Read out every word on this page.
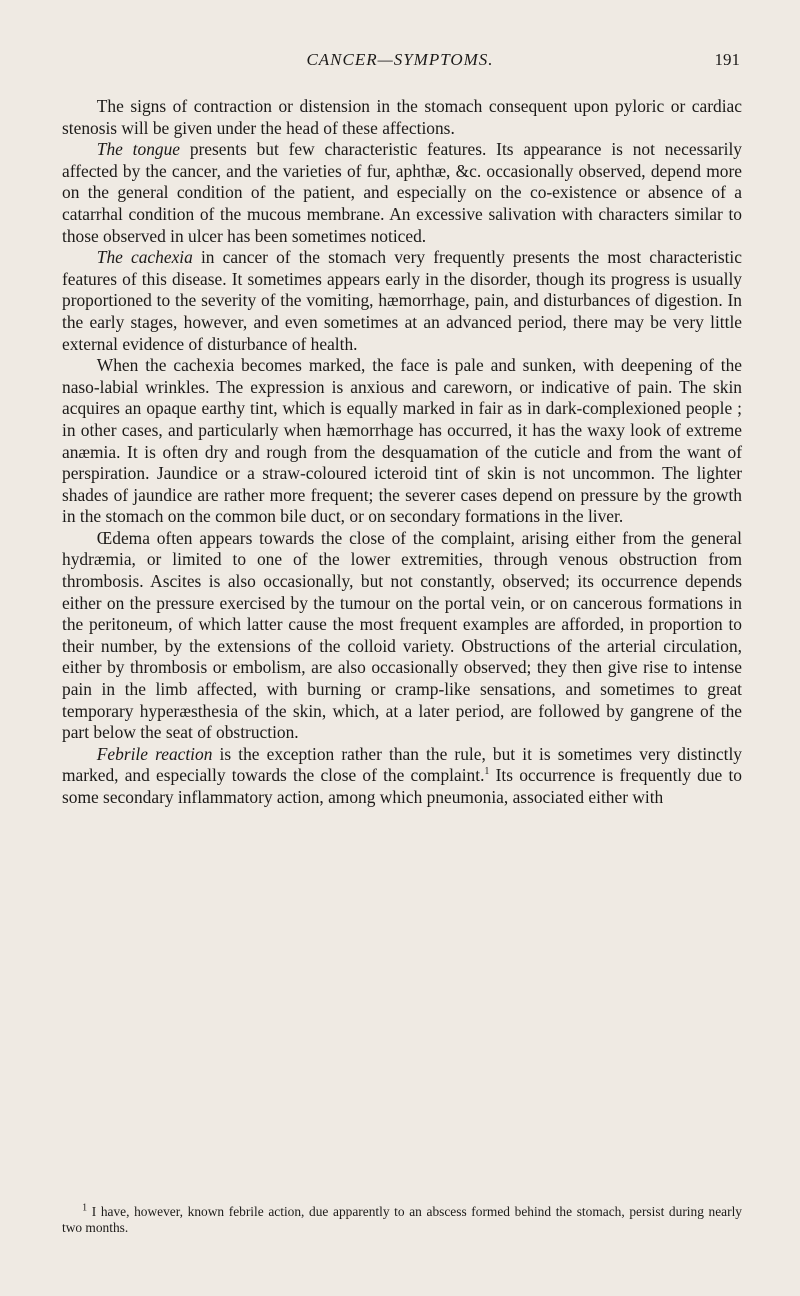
CANCER—SYMPTOMS.	191

The signs of contraction or distension in the stomach consequent upon pyloric or cardiac stenosis will be given under the head of these affections.

The tongue presents but few characteristic features. Its appearance is not necessarily affected by the cancer, and the varieties of fur, aphthæ, &c. occasionally observed, depend more on the general condition of the patient, and especially on the co-existence or absence of a catarrhal condition of the mucous membrane. An excessive salivation with characters similar to those observed in ulcer has been sometimes noticed.

The cachexia in cancer of the stomach very frequently presents the most characteristic features of this disease. It sometimes appears early in the disorder, though its progress is usually proportioned to the severity of the vomiting, hæmorrhage, pain, and disturbances of digestion. In the early stages, however, and even sometimes at an advanced period, there may be very little external evidence of disturbance of health.

When the cachexia becomes marked, the face is pale and sunken, with deepening of the naso-labial wrinkles. The expression is anxious and careworn, or indicative of pain. The skin acquires an opaque earthy tint, which is equally marked in fair as in dark-complexioned people ; in other cases, and particularly when hæmorrhage has occurred, it has the waxy look of extreme anæmia. It is often dry and rough from the desquamation of the cuticle and from the want of perspiration. Jaundice or a straw-coloured icteroid tint of skin is not uncommon. The lighter shades of jaundice are rather more frequent; the severer cases depend on pressure by the growth in the stomach on the common bile duct, or on secondary formations in the liver.

Œdema often appears towards the close of the complaint, arising either from the general hydræmia, or limited to one of the lower extremities, through venous obstruction from thrombosis. Ascites is also occasionally, but not constantly, observed; its occurrence depends either on the pressure exercised by the tumour on the portal vein, or on cancerous formations in the peritoneum, of which latter cause the most frequent examples are afforded, in proportion to their number, by the extensions of the colloid variety. Obstructions of the arterial circulation, either by thrombosis or embolism, are also occasionally observed; they then give rise to intense pain in the limb affected, with burning or cramp-like sensations, and sometimes to great temporary hyperæsthesia of the skin, which, at a later period, are followed by gangrene of the part below the seat of obstruction.

Febrile reaction is the exception rather than the rule, but it is sometimes very distinctly marked, and especially towards the close of the complaint.$^1$ Its occurrence is frequently due to some secondary inflammatory action, among which pneumonia, associated either with

$^1$ I have, however, known febrile action, due apparently to an abscess formed behind the stomach, persist during nearly two months.
